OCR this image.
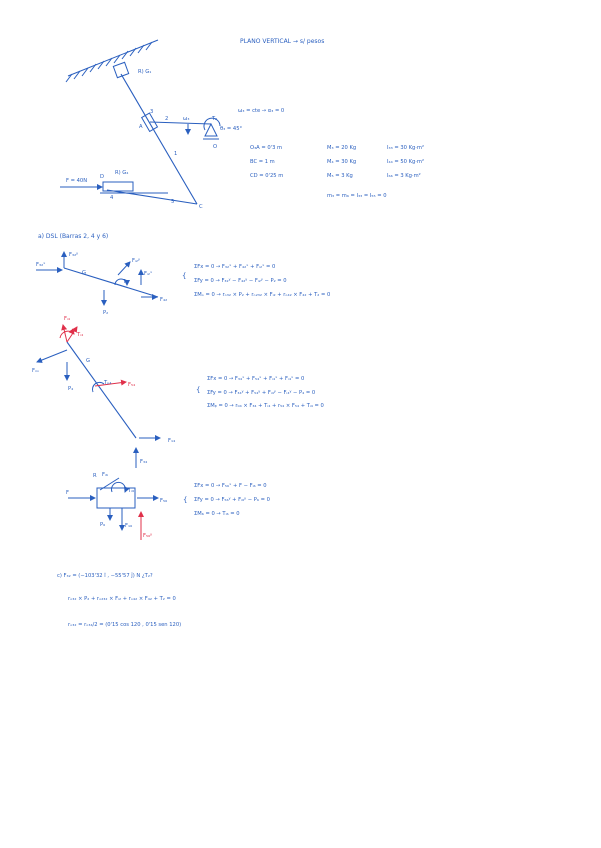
PLANO VERTICAL → s/ pesos
R) G₁
A
2
3
1
ω₃	T₂
θ₃ = 45°
O
D
C
5
4
R) G₄
F = 40N
ω₃ = cte → α₃ = 0
O₃A = 0'3 m
BC = 1 m
CD = 0'25 m
M₃ = 20 Kg
M₄ = 30 Kg
M₅ = 3 Kg
I₃₃ = 30 Kg·m²
I₄₄ = 50 Kg·m²
I₆₆ = 3 Kg·m²
m₃ = m₆ = I₃₃ = I₅₅ = 0
a) DSL (Barras 2, 4 y 6)
F₃₂ˣ
F₃₂ʸ
Fᵢ₂ʸ
Fᵢ₂ˣ
G
P₂
T₂
F₄₂
{
ΣFx = 0 → F₃₂ˣ + F₄₂ˣ + Fᵢ₂ˣ = 0
ΣFy = 0 → F₃₂ʸ − F₄₂ʸ − Fᵢ₂ʸ − P₂ = 0
ΣMₒ = 0 → rₒ₃₂ × P₂ + rₒ₂₃₂ × Fᵢ₂ + rₒ₄₂ × F₄₂ + T₂ = 0
Fᵢ₄
Tᵢ₄
Fᵢₘ
P₄
G
F₅₄
Tₚ₄
F₁₄
F₃₄
{
ΣFx = 0 → F₃₄ˣ + F₅₄ˣ + Fᵢ₄ˣ + Fᵢ₄ˣ = 0
ΣFy = 0 → F₃₄ʸ + F₅₄ʸ + Fᵢ₄ʸ − Fᵢ₄ʸ − P₄ = 0
ΣMᵦ = 0 → r₀₄ × F₃₄ + Tᵢ₄ + r₅₄ × F₅₄ + Tᵢ₄ = 0
R Fᵢ₆
Tᵢ₆
F
F₅₆
P₆	F₁₆
F₅₆ʸ
{
ΣFx = 0 → F₅₆ˣ + F − Fᵢ₆ = 0
ΣFy = 0 → F₅₆ʸ + Fᵢ₆ʸ − P₆ = 0
ΣM₆ = 0 → Tᵢ₆ = 0
c) F₃₂ = (−103'32 î , −55'57 ĵ) N ¿T₂?
rₒ₃₂ × P₂ + rₒ₂₃₂ × Fᵢ₂ + rₒ₄₂ × F₄₂ + T₂ = 0
rₒ₃₂ = rₒ₃₄/2 = (0'15 cos 120 , 0'15 sen 120)
